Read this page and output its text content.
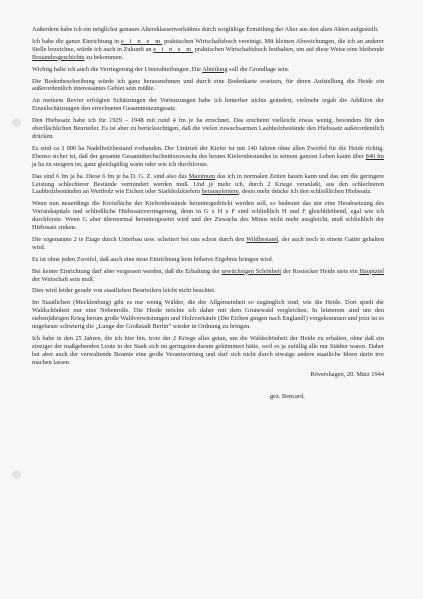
Außerdem habe ich ein möglichst genaues Altersklassenverhältnis durch sorgfältige Ermittlung der Alter aus den alten Akten aufgestellt.

Ich habe die ganze Einrichtung in e i n e m praktischen Wirtschaftsbuch vereinigt. Mit kleinen Abweichungen, die ich an anderer Stelle bezeichne, würde ich auch in Zukunft an e i n e m praktischen Wirtschaftsbuch festhalten, um auf diese Weise eine bleibende Bestandesgeschichte zu bekommen.

Wichtig halte ich auch die Verringerung der Unterabteilungen. Die Abteilung soll die Grundlage sein.

Die Bodenbeschreibung würde ich ganz herausnehmen und durch eine Bodenkarte ersetzen, für deren Aufstellung die Heide ein außerordentlich interessantes Gebiet sein müßte.

An meinem Revier erfolgten Schätzungen der Vornutzungen habe ich hinterher nichts geändert, vielmehr ergab die Addition der Einzelschätzungen den errechneten Gesamtnutzungssatz.

Den Hiebssatz habe ich für 1929 – 1948 mit rund 4 fm je ha errechnet. Das erscheint vielleicht etwas wenig, besonders für den oberflächlichen Beurteiler. Es ist aber zu berücksichtigen, daß die vielen zuwachsarmen Laubholzbestände den Hiebssatz außerordentlich drücken.

Es sind ca 3 000 ha Nadelholzbestand vorhanden. Der Umtrieb der Kiefer ist mit 140 Jahren ohne allen Zweifel für die Heide richtig. Ebenso sicher ist, daß der gesamte Gesamtdurchschnittszuwachs des besten Kiefernbestandes in seinem ganzen Leben kaum über 840 fm ja ha zu steigern ist, ganz gleichgültig wann oder wie ich durchforste.

Das sind 6 fm ja ha. Diese 6 fm je ha D. G. Z. sind also das Maximum das ich in normalen Zeiten hauen kann und das um die geringere Leistung schlechterer Bestände vermindert werden muß. Und je mehr ich, durch 2 Kriege veranlaßt, aus den schlechteren Laubholzbeständen an Wertholz wie Eichen oder Starkholzkiefern herausplentere, desto mehr drücke ich den schließlichen Hiebssatz.

Wenn nun neuerdings die Kreisfläche der Kiefernbestände heruntergedrückt werden soll, so bedeutet das nur eine Herabsetzung des Vorratskapitals und schließliche Hiebssatzverringerung, denn in G x H x F sind schließlich H und F gleichbleibend, egal wie ich durchforste. Wenn G aber übernormal heruntergesetzt wird und der Zuwachs des Minus nicht mehr ausgleicht, muß schließlich der Hiebssatz sinken.

Die sogenannte 2 te Etage durch Unterbau usw. scheitert bei uns schon durch den Wildbestand, der auch noch in einem Gatter gehalten wird.

Es ist ohne jeden Zweifel, daß auch eine neue Einrichtung kein höheres Ergebnis bringen wird.

Bei keiner Einrichtung darf aber vergessen werden, daß die Erhaltung der urwüchsigen Schönheit der Rostocker Heide stets ein Hauptziel der Wirtschaft sein muß.

Dies wird leider gerade von staatlichen Beurteilern leicht nicht beachtet.

Im Staatlichen (Mecklenburg) gibt es nur wenig Wälder, die der Allgemeinheit so zugänglich sind, wie die Heide. Dort spielt die Waldschönheit nur eine Nebenrolle. Die Heide möchte ich daher mit dem Grunewald vergleichen. In letzterem sind um den siebenjährigen Krieg herum große Waldverwüstungen und Holzverkäufe (Die Eichen gingen nach England!) vorgekommen und jetzt ist es ungeheuer schwierig die „Lunge der Großstadt Berlin“ wieder in Ordnung zu bringen.

Ich habe in den 25 Jahren, die ich hier bin, trotz der 2 Kriege alles getan, um die Waldschönheit der Heide zu erhalten, ohne daß ein einziger der maßgebenden Leute in der Stadt sich im geringsten darum gekümmert hätte, weil es ja zufällig alle nur Städter waren. Daher hat aber auch der verwaltende Beamte eine große Verantwortung und darf sich nicht durch etwaige andere staatliche Ideen darin irre machen lassen.

Rövershagen, 20. März 1944
gez. Bencard.
